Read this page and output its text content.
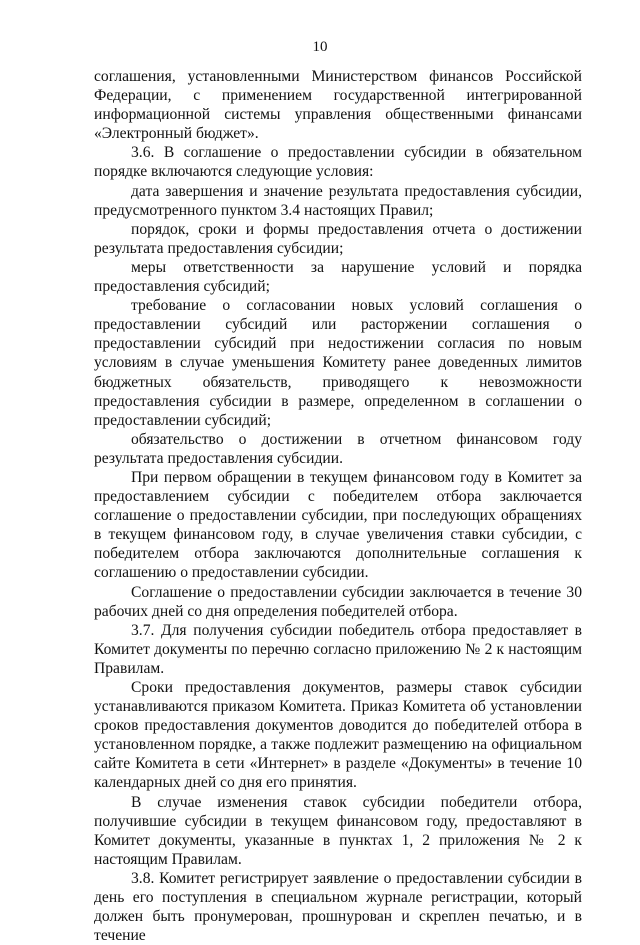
10

соглашения, установленными Министерством финансов Российской Федерации, с применением государственной интегрированной информационной системы управления общественными финансами «Электронный бюджет».

3.6. В соглашение о предоставлении субсидии в обязательном порядке включаются следующие условия:

дата завершения и значение результата предоставления субсидии, предусмотренного пунктом 3.4 настоящих Правил;

порядок, сроки и формы предоставления отчета о достижении результата предоставления субсидии;

меры ответственности за нарушение условий и порядка предоставления субсидий;

требование о согласовании новых условий соглашения о предоставлении субсидий или расторжении соглашения о предоставлении субсидий при недостижении согласия по новым условиям в случае уменьшения Комитету ранее доведенных лимитов бюджетных обязательств, приводящего к невозможности предоставления субсидии в размере, определенном в соглашении о предоставлении субсидий;

обязательство о достижении в отчетном финансовом году результата предоставления субсидии.

При первом обращении в текущем финансовом году в Комитет за предоставлением субсидии с победителем отбора заключается соглашение о предоставлении субсидии, при последующих обращениях в текущем финансовом году, в случае увеличения ставки субсидии, с победителем отбора заключаются дополнительные соглашения к соглашению о предоставлении субсидии.

Соглашение о предоставлении субсидии заключается в течение 30 рабочих дней со дня определения победителей отбора.

3.7. Для получения субсидии победитель отбора предоставляет в Комитет документы по перечню согласно приложению № 2 к настоящим Правилам.

Сроки предоставления документов, размеры ставок субсидии устанавливаются приказом Комитета. Приказ Комитета об установлении сроков предоставления документов доводится до победителей отбора в установленном порядке, а также подлежит размещению на официальном сайте Комитета в сети «Интернет» в разделе «Документы» в течение 10 календарных дней со дня его принятия.

В случае изменения ставок субсидии победители отбора, получившие субсидии в текущем финансовом году, предоставляют в Комитет документы, указанные в пунктах 1, 2 приложения № 2 к настоящим Правилам.

3.8. Комитет регистрирует заявление о предоставлении субсидии в день его поступления в специальном журнале регистрации, который должен быть пронумерован, прошнурован и скреплен печатью, и в течение
